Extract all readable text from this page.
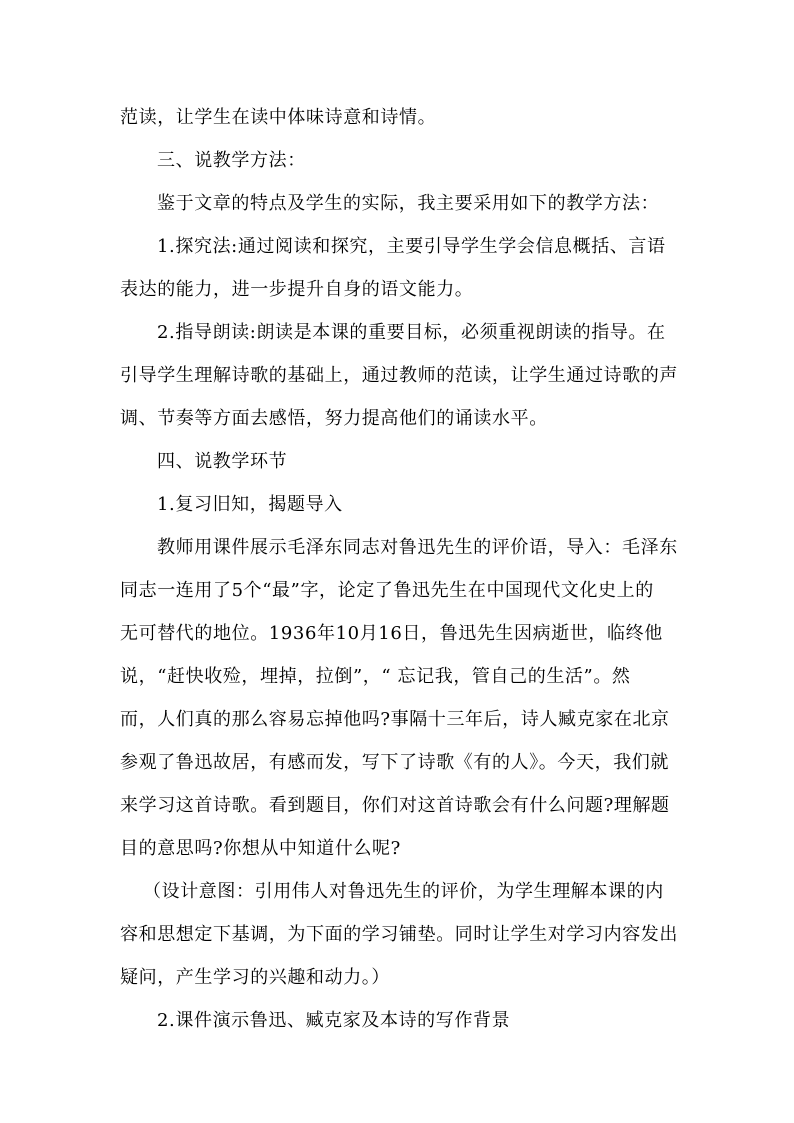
范读，让学生在读中体味诗意和诗情。
三、说教学方法：
鉴于文章的特点及学生的实际，我主要采用如下的教学方法：
1.探究法:通过阅读和探究，主要引导学生学会信息概括、言语
表达的能力，进一步提升自身的语文能力。
2.指导朗读:朗读是本课的重要目标，必须重视朗读的指导。在
引导学生理解诗歌的基础上，通过教师的范读，让学生通过诗歌的声
调、节奏等方面去感悟，努力提高他们的诵读水平。
四、说教学环节
1.复习旧知，揭题导入
教师用课件展示毛泽东同志对鲁迅先生的评价语，导入：毛泽东
同志一连用了5个“最”字，论定了鲁迅先生在中国现代文化史上的
无可替代的地位。1936年10月16日，鲁迅先生因病逝世，临终他
说，“赶快收殓，埋掉，拉倒”，“ 忘记我，管自己的生活”。然
而，人们真的那么容易忘掉他吗?事隔十三年后，诗人臧克家在北京
参观了鲁迅故居，有感而发，写下了诗歌《有的人》。今天，我们就
来学习这首诗歌。看到题目，你们对这首诗歌会有什么问题?理解题
目的意思吗?你想从中知道什么呢?
（设计意图：引用伟人对鲁迅先生的评价，为学生理解本课的内
容和思想定下基调，为下面的学习铺垫。同时让学生对学习内容发出
疑问，产生学习的兴趣和动力。）
2.课件演示鲁迅、臧克家及本诗的写作背景
